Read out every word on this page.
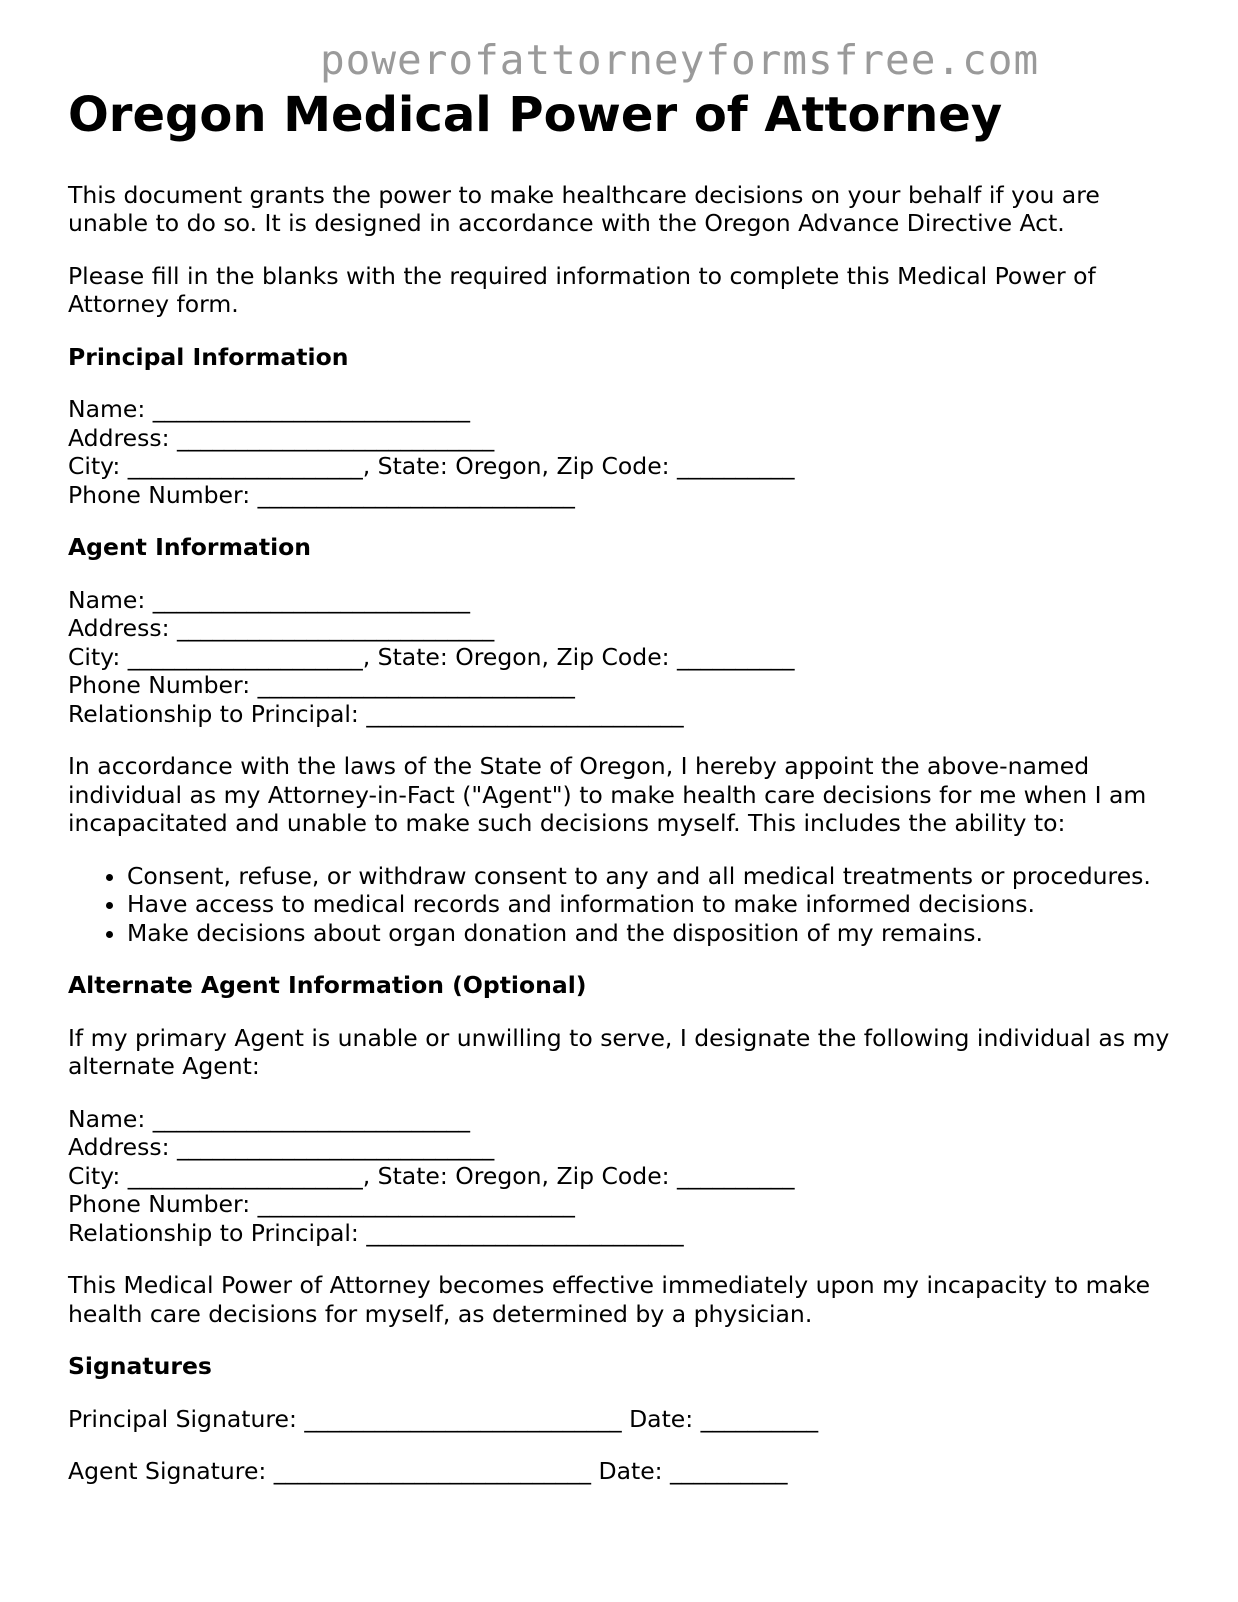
powerofattorneyformsfree.com
Oregon Medical Power of Attorney

This document grants the power to make healthcare decisions on your behalf if you are unable to do so. It is designed in accordance with the Oregon Advance Directive Act.

Please fill in the blanks with the required information to complete this Medical Power of Attorney form.

Principal Information
Name: ___________________________
Address: ___________________________
City: ____________________, State: Oregon, Zip Code: __________
Phone Number: ___________________________
Agent Information
Name: ___________________________
Address: ___________________________
City: ____________________, State: Oregon, Zip Code: __________
Phone Number: ___________________________
Relationship to Principal: ___________________________

In accordance with the laws of the State of Oregon, I hereby appoint the above-named individual as my Attorney-in-Fact ("Agent") to make health care decisions for me when I am incapacitated and unable to make such decisions myself. This includes the ability to:

• Consent, refuse, or withdraw consent to any and all medical treatments or procedures.
• Have access to medical records and information to make informed decisions.
• Make decisions about organ donation and the disposition of my remains.
Alternate Agent Information (Optional)

If my primary Agent is unable or unwilling to serve, I designate the following individual as my alternate Agent:

Name: ___________________________
Address: ___________________________
City: ____________________, State: Oregon, Zip Code: __________
Phone Number: ___________________________
Relationship to Principal: ___________________________

This Medical Power of Attorney becomes effective immediately upon my incapacity to make health care decisions for myself, as determined by a physician.

Signatures
Principal Signature: ___________________________ Date: __________
Agent Signature: ___________________________ Date: __________
